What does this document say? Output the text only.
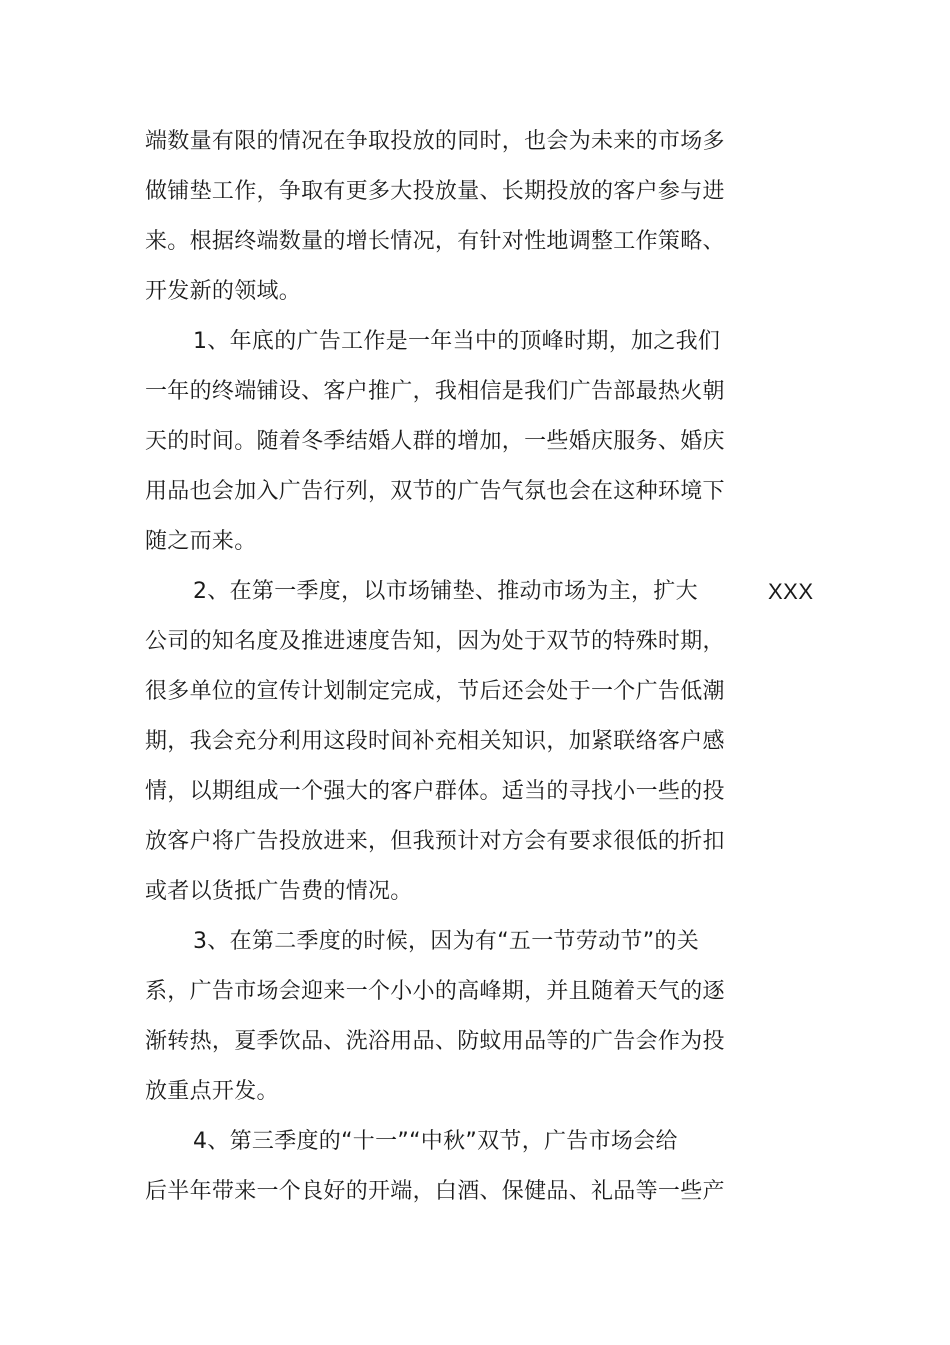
端数量有限的情况在争取投放的同时，也会为未来的市场多
做铺垫工作，争取有更多大投放量、长期投放的客户参与进
来。根据终端数量的增长情况，有针对性地调整工作策略、
开发新的领域。
1、年底的广告工作是一年当中的顶峰时期，加之我们
一年的终端铺设、客户推广，我相信是我们广告部最热火朝
天的时间。随着冬季结婚人群的增加，一些婚庆服务、婚庆
用品也会加入广告行列，双节的广告气氛也会在这种环境下
随之而来。
2、在第一季度，以市场铺垫、推动市场为主，扩大	XXX
公司的知名度及推进速度告知，因为处于双节的特殊时期，
很多单位的宣传计划制定完成，节后还会处于一个广告低潮
期，我会充分利用这段时间补充相关知识，加紧联络客户感
情，以期组成一个强大的客户群体。适当的寻找小一些的投
放客户将广告投放进来，但我预计对方会有要求很低的折扣
或者以货抵广告费的情况。
3、在第二季度的时候，因为有“五一节劳动节”的关
系，广告市场会迎来一个小小的高峰期，并且随着天气的逐
渐转热，夏季饮品、洗浴用品、防蚊用品等的广告会作为投
放重点开发。
4、第三季度的“十一”“中秋”双节，广告市场会给
后半年带来一个良好的开端，白酒、保健品、礼品等一些产
